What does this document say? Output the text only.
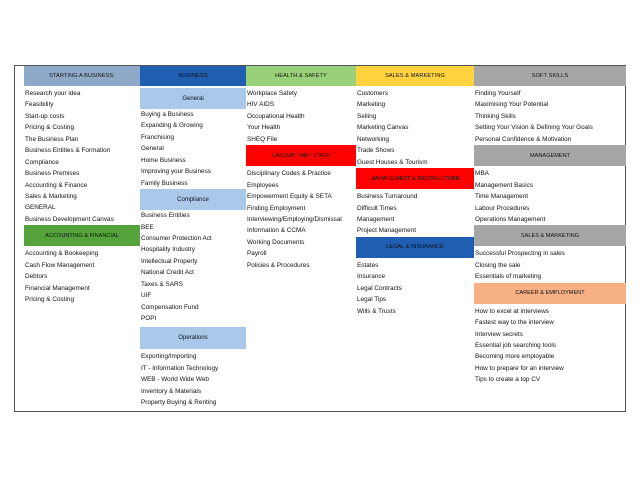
STARTING A BUSINESS:
Research your idea
Feasibility
Start-up costs
Pricing & Costing
The Business Plan
Business Entities & Formation
Compliance
Business Premises
Accounting & Finance
Sales & Marketing
GENERAL
Business Development Canvas
ACCOUNTING & FINANCIAL
Accounting & Bookeeping
Cash Flow Management
Debtors
Financial Management
Pricing & Costing
BUSINESS
General
Buying a Business
Expanding & Growing
Franchising
General
Home Business
Improving your Business
Family Business
Compliance
Business Entities
BEE
Consumer Protection Act
Hospitality Industry
Intellectual Property
National Credit Act
Taxes & SARS
UIF
Compensation Fund
POPI
Operations
Exporting/Importing
IT - Information Technology
WEB - World Wide Web
Inventory & Materials
Property Buying & Renting
HEALTH & SAFETY
Workplace Safety
HIV AIDS
Occupational Health
Your Health
SHEQ File
LABOUR / HR / STAFF
Disciplinary Codes & Practice
Employees
Empowerment Equity & SETA
Finding Employment
Interviewing/Employing/Dismissal
Information & CCMA
Working Documents
Payroll
Policies & Procedures
SALES & MARKETING
Customers
Marketing
Selling
Marketing Canvas
Networking
Trade Shows
Guest Houses & Tourism
MANAGEMENT & RESTRUCTURE
Business Turnaround
Difficult Times
Management
Project Management
LEGAL & INSURANCE
Estates
Insurance
Legal Contracts
Legal Tips
Wills & Trusts
SOFT SKILLS
Finding Yourself
Maximising Your Potential
Thinking Skills
Setting Your Vision & Defining Your Goals
Personal Confidence & Motivation
MANAGEMENT
MBA
Management Basics
Time Management
Labour Procedures
Operations Management
SALES & MARKETING
Successful Prospecting in sales
Closing the sale
Essentials of marketing
CAREER & EMPLOYMENT
How to excel at interviews
Fastest way to the interview
Interview secrets
Essential job searching tools
Becoming more employable
How to prepare for an interview
Tips to create a top CV
